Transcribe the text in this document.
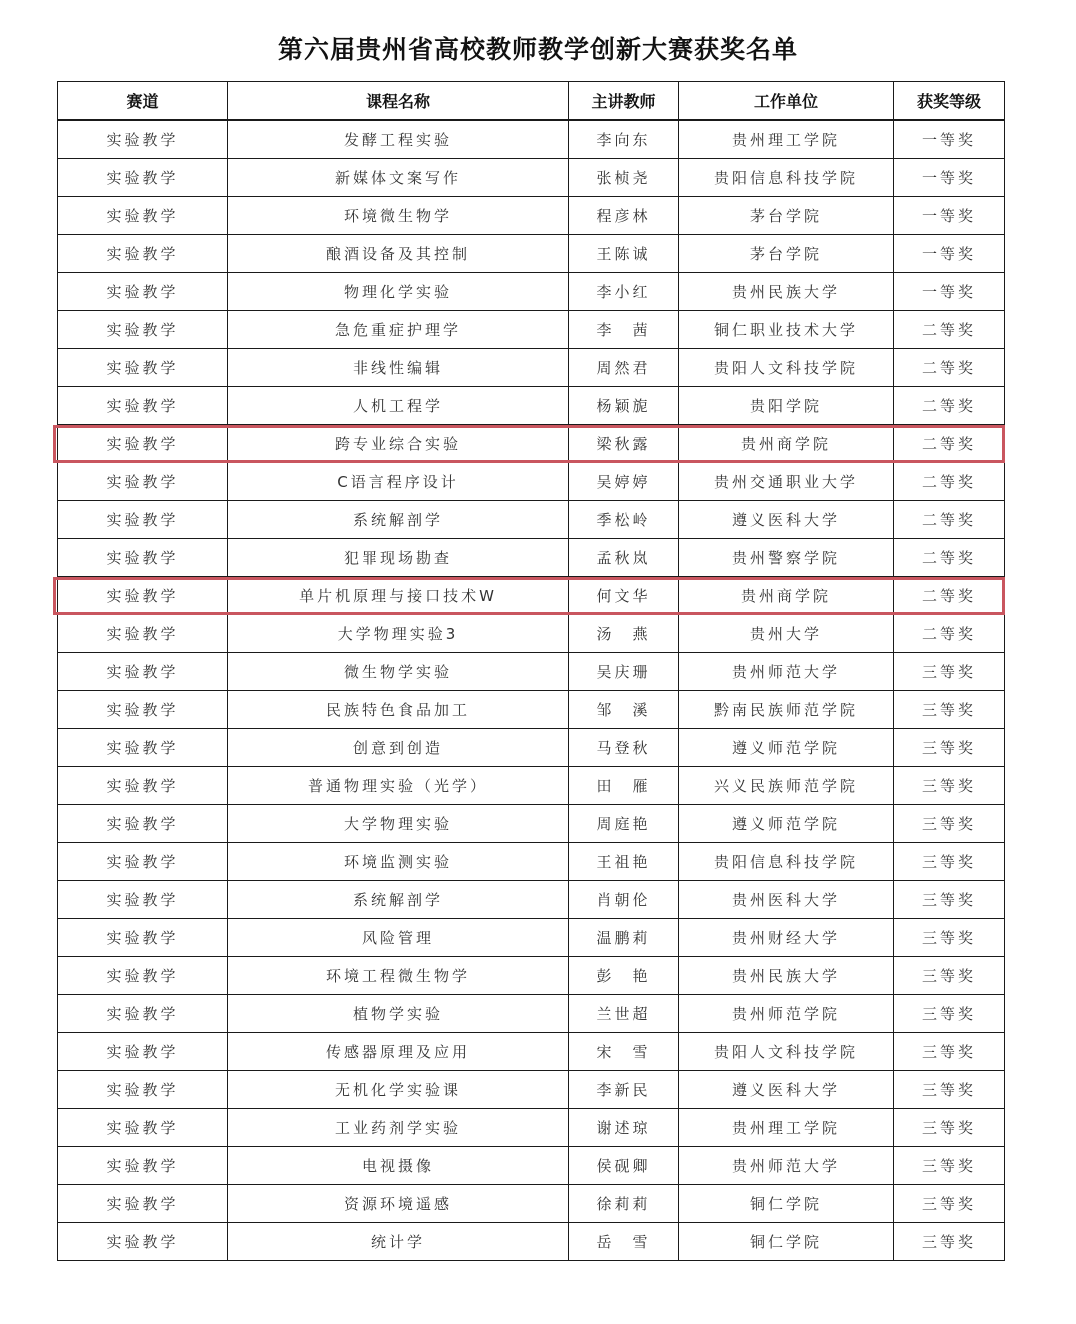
第六届贵州省高校教师教学创新大赛获奖名单
赛道	课程名称	主讲教师	工作单位	获奖等级
实验教学	发酵工程实验	李向东	贵州理工学院	一等奖
实验教学	新媒体文案写作	张桢尧	贵阳信息科技学院	一等奖
实验教学	环境微生物学	程彦林	茅台学院	一等奖
实验教学	酿酒设备及其控制	王陈诚	茅台学院	一等奖
实验教学	物理化学实验	李小红	贵州民族大学	一等奖
实验教学	急危重症护理学	李　茜	铜仁职业技术大学	二等奖
实验教学	非线性编辑	周然君	贵阳人文科技学院	二等奖
实验教学	人机工程学	杨颖旎	贵阳学院	二等奖
实验教学	跨专业综合实验	梁秋露	贵州商学院	二等奖
实验教学	C语言程序设计	吴婷婷	贵州交通职业大学	二等奖
实验教学	系统解剖学	季松岭	遵义医科大学	二等奖
实验教学	犯罪现场勘查	孟秋岚	贵州警察学院	二等奖
实验教学	单片机原理与接口技术W	何文华	贵州商学院	二等奖
实验教学	大学物理实验3	汤　燕	贵州大学	二等奖
实验教学	微生物学实验	吴庆珊	贵州师范大学	三等奖
实验教学	民族特色食品加工	邹　溪	黔南民族师范学院	三等奖
实验教学	创意到创造	马登秋	遵义师范学院	三等奖
实验教学	普通物理实验（光学）	田　雁	兴义民族师范学院	三等奖
实验教学	大学物理实验	周庭艳	遵义师范学院	三等奖
实验教学	环境监测实验	王祖艳	贵阳信息科技学院	三等奖
实验教学	系统解剖学	肖朝伦	贵州医科大学	三等奖
实验教学	风险管理	温鹏莉	贵州财经大学	三等奖
实验教学	环境工程微生物学	彭　艳	贵州民族大学	三等奖
实验教学	植物学实验	兰世超	贵州师范学院	三等奖
实验教学	传感器原理及应用	宋　雪	贵阳人文科技学院	三等奖
实验教学	无机化学实验课	李新民	遵义医科大学	三等奖
实验教学	工业药剂学实验	谢述琼	贵州理工学院	三等奖
实验教学	电视摄像	侯砚卿	贵州师范大学	三等奖
实验教学	资源环境遥感	徐莉莉	铜仁学院	三等奖
实验教学	统计学	岳　雪	铜仁学院	三等奖
